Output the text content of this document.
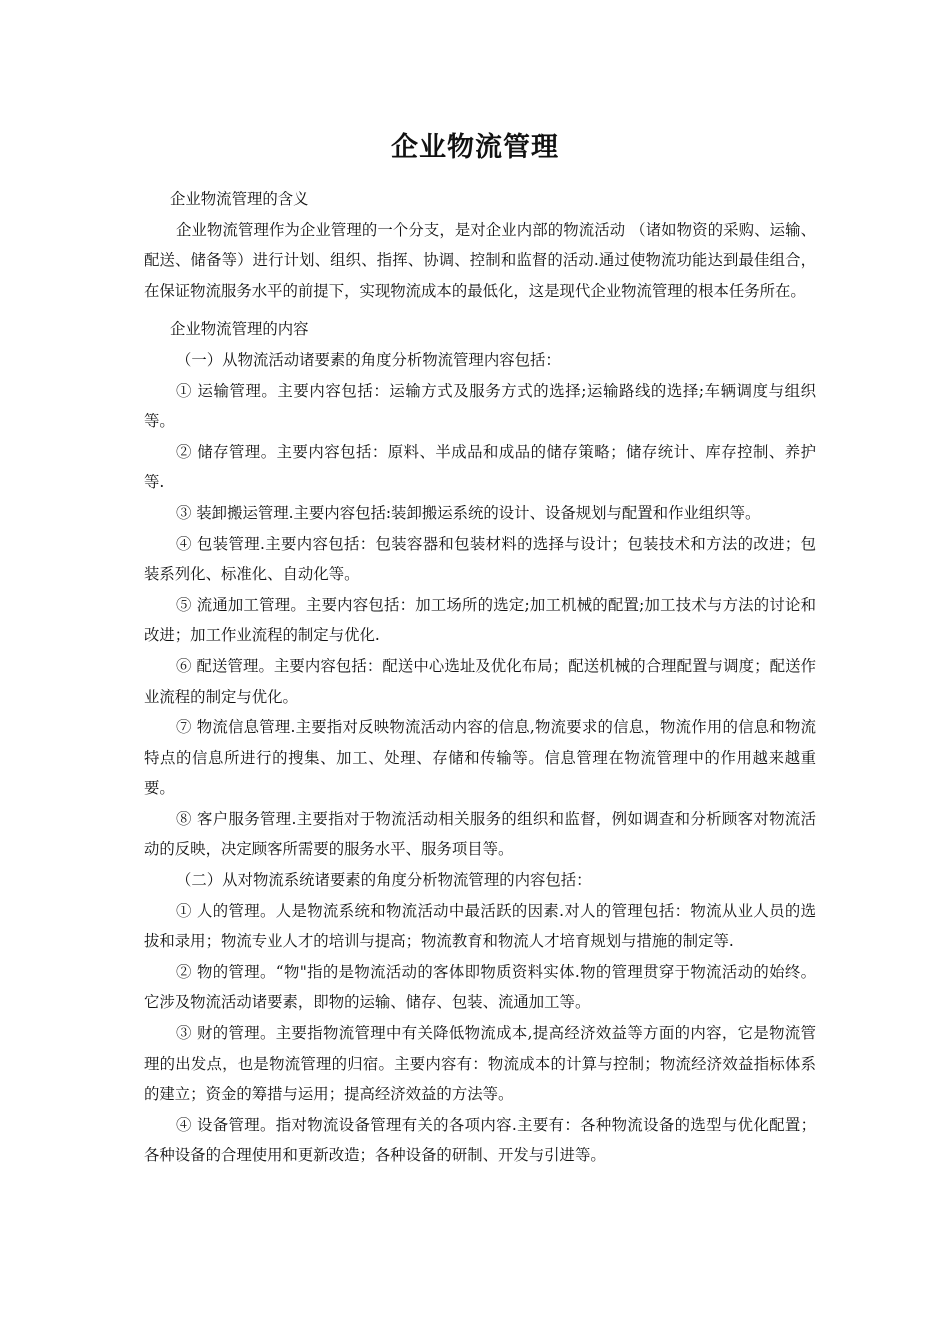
企业物流管理

企业物流管理的含义

企业物流管理作为企业管理的一个分支，是对企业内部的物流活动 （诸如物资的采购、运输、配送、储备等）进行计划、组织、指挥、协调、控制和监督的活动.通过使物流功能达到最佳组合，在保证物流服务水平的前提下，实现物流成本的最低化，这是现代企业物流管理的根本任务所在。

企业物流管理的内容

（一）从物流活动诸要素的角度分析物流管理内容包括：

① 运输管理。主要内容包括：运输方式及服务方式的选择;运输路线的选择;车辆调度与组织等。

② 储存管理。主要内容包括：原料、半成品和成品的储存策略；储存统计、库存控制、养护等.

③ 装卸搬运管理.主要内容包括:装卸搬运系统的设计、设备规划与配置和作业组织等。

④ 包装管理.主要内容包括：包装容器和包装材料的选择与设计；包装技术和方法的改进；包装系列化、标准化、自动化等。

⑤ 流通加工管理。主要内容包括：加工场所的选定;加工机械的配置;加工技术与方法的讨论和改进；加工作业流程的制定与优化.

⑥ 配送管理。主要内容包括：配送中心选址及优化布局；配送机械的合理配置与调度；配送作业流程的制定与优化。

⑦ 物流信息管理.主要指对反映物流活动内容的信息,物流要求的信息，物流作用的信息和物流特点的信息所进行的搜集、加工、处理、存储和传输等。信息管理在物流管理中的作用越来越重要。

⑧ 客户服务管理.主要指对于物流活动相关服务的组织和监督，例如调查和分析顾客对物流活动的反映，决定顾客所需要的服务水平、服务项目等。

（二）从对物流系统诸要素的角度分析物流管理的内容包括：

① 人的管理。人是物流系统和物流活动中最活跃的因素.对人的管理包括：物流从业人员的选拔和录用；物流专业人才的培训与提高；物流教育和物流人才培育规划与措施的制定等.

② 物的管理。“物"指的是物流活动的客体即物质资料实体.物的管理贯穿于物流活动的始终。它涉及物流活动诸要素，即物的运输、储存、包装、流通加工等。

③ 财的管理。主要指物流管理中有关降低物流成本,提高经济效益等方面的内容，它是物流管理的出发点，也是物流管理的归宿。主要内容有：物流成本的计算与控制；物流经济效益指标体系的建立；资金的筹措与运用；提高经济效益的方法等。

④ 设备管理。指对物流设备管理有关的各项内容.主要有：各种物流设备的选型与优化配置；各种设备的合理使用和更新改造；各种设备的研制、开发与引进等。
